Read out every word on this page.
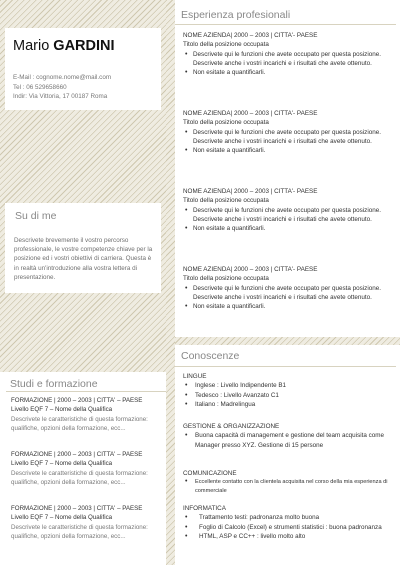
Mario GARDINI
E-Mail : cognome.nome@mail.com
Tel : 06 529658660
Indir: Via Vittoria, 17 00187 Roma
Su di me
Descrivete brevemente il vostro percorso professionale, le vostre competenze chiave per la posizione ed i vostri obiettivi di carriera. Questa è in realtà un'introduzione alla vostra lettera di presentazione.
Studi e formazione
FORMAZIONE | 2000 – 2003 | CITTA' – PAESE
Livello EQF 7 – Nome della Qualifica
Descrivete le caratteristiche di questa formazione: qualifiche, opzioni della formazione, ecc...
FORMAZIONE | 2000 – 2003 | CITTA' – PAESE
Livello EQF 7 – Nome della Qualifica
Descrivete le caratteristiche di questa formazione: qualifiche, opzioni della formazione, ecc...
FORMAZIONE | 2000 – 2003 | CITTA' – PAESE
Livello EQF 7 – Nome della Qualifica
Descrivete le caratteristiche di questa formazione: qualifiche, opzioni della formazione, ecc...
Esperienza profesionali
NOME AZIENDA| 2000 – 2003 | CITTA'- PAESE
Titolo della posizione occupata
• Descrivete qui le funzioni che avete occupato per questa posizione. Descrivete anche i vostri incarichi e i risultati che avete ottenuto.
• Non esitate a quantificarli.
NOME AZIENDA| 2000 – 2003 | CITTA'- PAESE
Titolo della posizione occupata
• Descrivete qui le funzioni che avete occupato per questa posizione. Descrivete anche i vostri incarichi e i risultati che avete ottenuto.
• Non esitate a quantificarli.
NOME AZIENDA| 2000 – 2003 | CITTA'- PAESE
Titolo della posizione occupata
• Descrivete qui le funzioni che avete occupato per questa posizione. Descrivete anche i vostri incarichi e i risultati che avete ottenuto.
• Non esitate a quantificarli.
NOME AZIENDA| 2000 – 2003 | CITTA'- PAESE
Titolo della posizione occupata
• Descrivete qui le funzioni che avete occupato per questa posizione. Descrivete anche i vostri incarichi e i risultati che avete ottenuto.
• Non esitate a quantificarli.
Conoscenze
LINGUE
• Inglese : Livello Indipendente B1
• Tedesco : Livello Avanzato C1
• Italiano : Madrelingua
GESTIONE & ORGANIZZAZIONE
• Buona capacità di management e gestione del team acquisita come Manager presso XYZ. Gestione di 15 persone
COMUNICAZIONE
• Eccellente contatto con la clientela acquisita nel corso della mia esperienza di commerciale
INFORMATICA
• Trattamento testi: padronanza molto buona
• Foglio di Calcolo (Excel) e strumenti statistici : buona padronanza
• HTML, ASP e CC++ : livello molto alto
